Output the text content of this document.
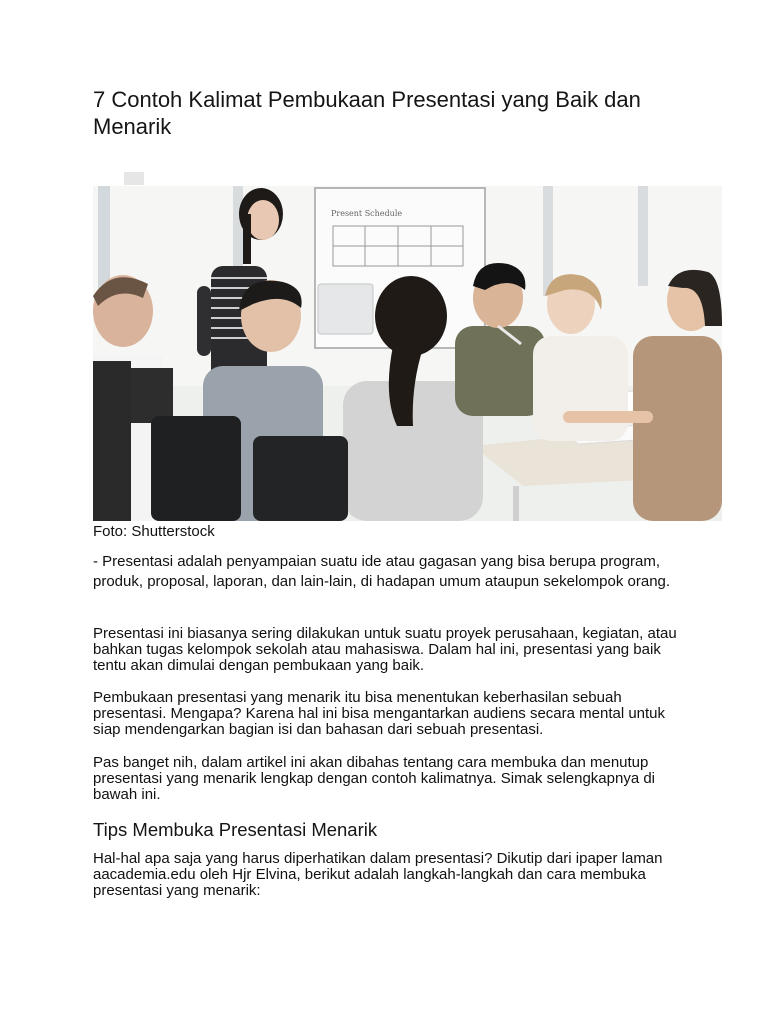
7 Contoh Kalimat Pembukaan Presentasi yang Baik dan Menarik
Present Schedule
Foto: Shutterstock

- Presentasi adalah penyampaian suatu ide atau gagasan yang bisa berupa program, produk, proposal, laporan, dan lain-lain, di hadapan umum ataupun sekelompok orang.

Presentasi ini biasanya sering dilakukan untuk suatu proyek perusahaan, kegiatan, atau bahkan tugas kelompok sekolah atau mahasiswa. Dalam hal ini, presentasi yang baik tentu akan dimulai dengan pembukaan yang baik.

Pembukaan presentasi yang menarik itu bisa menentukan keberhasilan sebuah presentasi. Mengapa? Karena hal ini bisa mengantarkan audiens secara mental untuk siap mendengarkan bagian isi dan bahasan dari sebuah presentasi.

Pas banget nih, dalam artikel ini akan dibahas tentang cara membuka dan menutup presentasi yang menarik lengkap dengan contoh kalimatnya. Simak selengkapnya di bawah ini.

Tips Membuka Presentasi Menarik

Hal-hal apa saja yang harus diperhatikan dalam presentasi? Dikutip dari ipaper laman aacademia.edu oleh Hjr Elvina, berikut adalah langkah-langkah dan cara membuka presentasi yang menarik:
